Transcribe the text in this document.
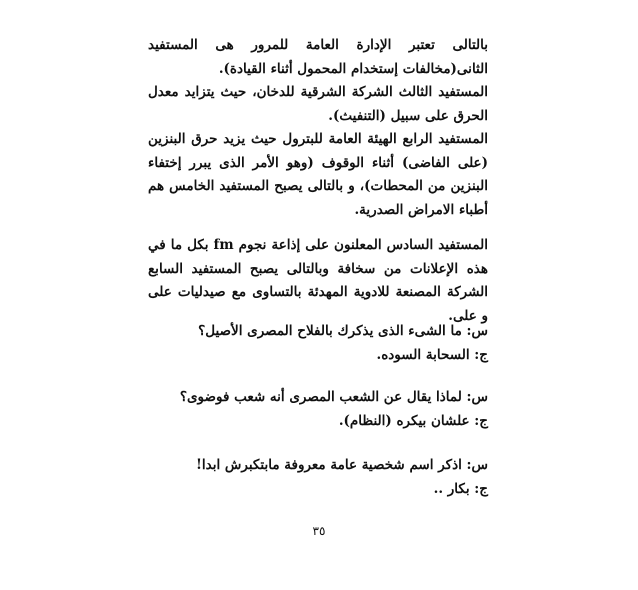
بالتالى تعتبر الإدارة العامة للمرور هى المستفيد الثانى(مخالفات إستخدام المحمول أثناء القيادة).

المستفيد الثالث الشركة الشرقية للدخان، حيث يتزايد معدل الحرق على سبيل (التنفيث).

المستفيد الرابع الهيئة العامة للبترول حيث يزيد حرق البنزين (على الفاضى) أثناء الوقوف (وهو الأمر الذى يبرر إختفاء البنزين من المحطات)، و بالتالى يصبح المستفيد الخامس هم أطباء الامراض الصدرية.

المستفيد السادس المعلنون على إذاعة نجوم fm بكل ما في هذه الإعلانات من سخافة وبالتالى يصبح المستفيد السابع الشركة المصنعة للادوية المهدئة بالتساوى مع صيدليات على و على.

س: ما الشىء الذى يذكرك بالفلاح المصرى الأصيل؟

ج: السحابة السوده.

س: لماذا يقال عن الشعب المصرى أنه شعب فوضوى؟

ج: علشان بيكره (النظام).

س: اذكر اسم شخصية عامة معروفة مابتكبرش ابدا!

ج: بكار ..

٣٥
